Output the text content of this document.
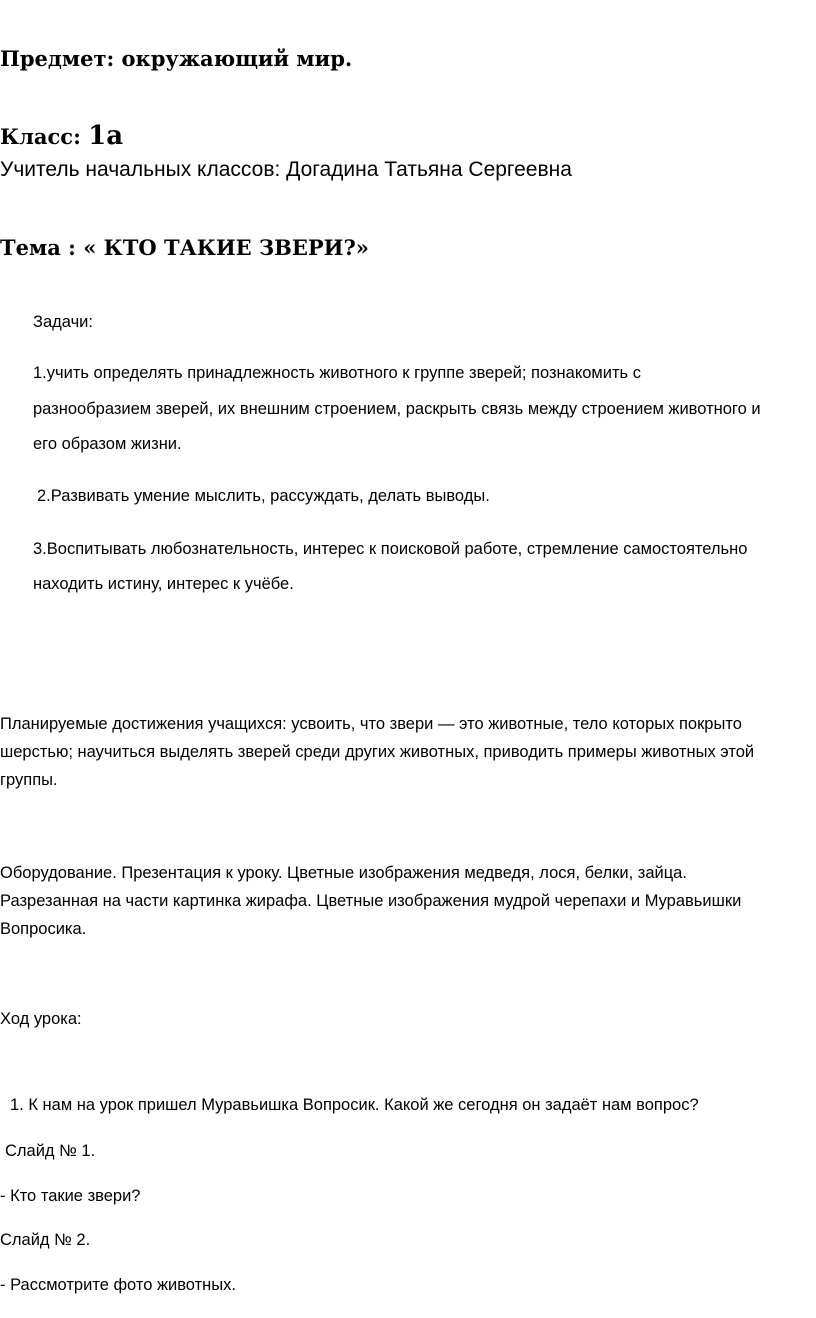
Предмет: окружающий мир.
Класс: 1а
Учитель начальных классов: Догадина Татьяна Сергеевна
Тема : « КТО ТАКИЕ ЗВЕРИ?»
Задачи:
1.учить определять принадлежность животного к группе зверей; познакомить с
разнообразием зверей, их внешним строением, раскрыть связь между строением животного и
его образом жизни.
2.Развивать умение мыслить, рассуждать, делать выводы.
3.Воспитывать любознательность, интерес к поисковой работе, стремление самостоятельно
находить истину, интерес к учёбе.
Планируемые достижения учащихся: усвоить, что звери — это животные, тело которых покрыто
шерстью; научиться выделять зверей среди других животных, приводить примеры животных этой
группы.
Оборудование. Презентация к уроку. Цветные изображения медведя, лося, белки, зайца.
Разрезанная на части картинка жирафа. Цветные изображения мудрой черепахи и Муравьишки
Вопросика.
Ход урока:
1. К нам на урок пришел Муравьишка Вопросик. Какой же сегодня он задаёт нам вопрос?
Слайд № 1.
- Кто такие звери?
Слайд № 2.
- Рассмотрите фото животных.
